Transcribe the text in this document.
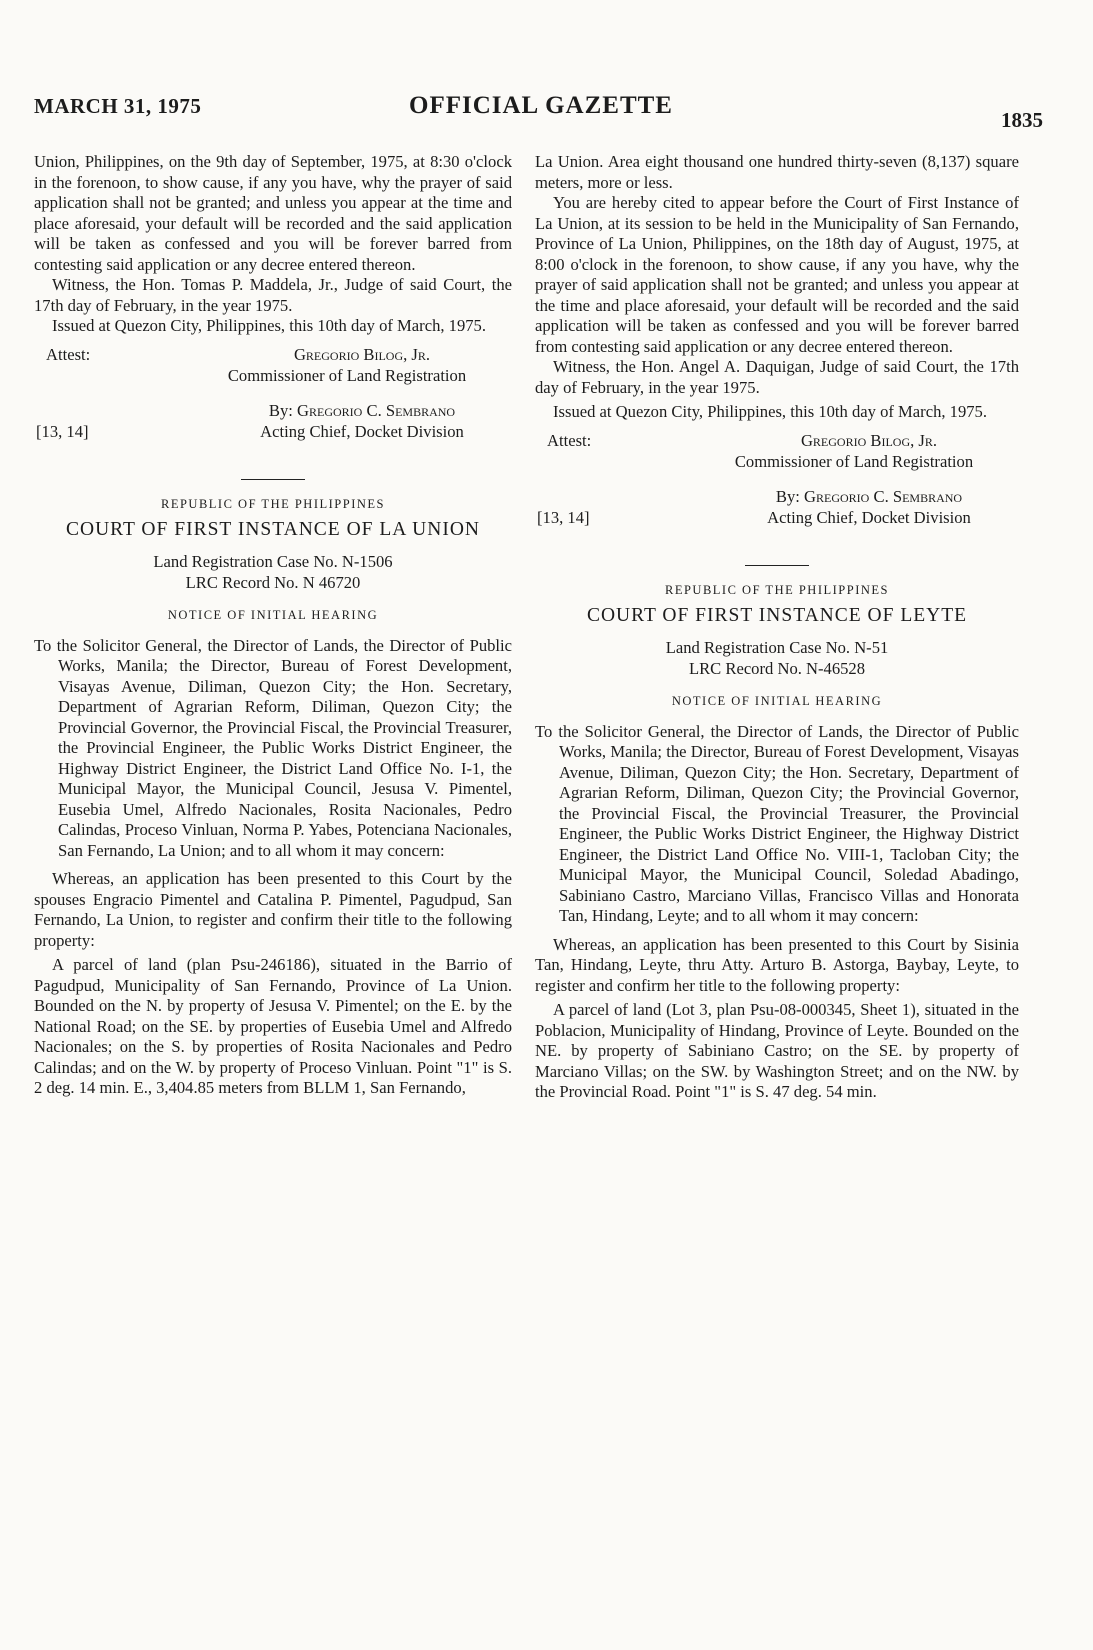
MARCH 31, 1975	OFFICIAL GAZETTE
1835

Union, Philippines, on the 9th day of September, 1975, at 8:30 o'clock in the forenoon, to show cause, if any you have, why the prayer of said application shall not be granted; and unless you appear at the time and place aforesaid, your default will be recorded and the said application will be taken as confessed and you will be forever barred from contesting said application or any decree entered thereon.

Witness, the Hon. Tomas P. Maddela, Jr., Judge of said Court, the 17th day of February, in the year 1975.

Issued at Quezon City, Philippines, this 10th day of March, 1975.

Attest:	Gregorio Bilog, Jr.
Commissioner of Land Registration
By: Gregorio C. Sembrano
Acting Chief, Docket Division
[13, 14]
REPUBLIC OF THE PHILIPPINES
COURT OF FIRST INSTANCE OF LA UNION
Land Registration Case No. N-1506
LRC Record No. N 46720
NOTICE OF INITIAL HEARING

To the Solicitor General, the Director of Lands, the Director of Public Works, Manila; the Director, Bureau of Forest Development, Visayas Avenue, Diliman, Quezon City; the Hon. Secretary, Department of Agrarian Reform, Diliman, Quezon City; the Provincial Governor, the Provincial Fiscal, the Provincial Treasurer, the Provincial Engineer, the Public Works District Engineer, the Highway District Engineer, the District Land Office No. I-1, the Municipal Mayor, the Municipal Council, Jesusa V. Pimentel, Eusebia Umel, Alfredo Nacionales, Rosita Nacionales, Pedro Calindas, Proceso Vinluan, Norma P. Yabes, Potenciana Nacionales, San Fernando, La Union; and to all whom it may concern:

Whereas, an application has been presented to this Court by the spouses Engracio Pimentel and Catalina P. Pimentel, Pagudpud, San Fernando, La Union, to register and confirm their title to the following property:

A parcel of land (plan Psu-246186), situated in the Barrio of Pagudpud, Municipality of San Fernando, Province of La Union. Bounded on the N. by property of Jesusa V. Pimentel; on the E. by the National Road; on the SE. by properties of Eusebia Umel and Alfredo Nacionales; on the S. by properties of Rosita Nacionales and Pedro Calindas; and on the W. by property of Proceso Vinluan. Point "1" is S. 2 deg. 14 min. E., 3,404.85 meters from BLLM 1, San Fernando,

La Union. Area eight thousand one hundred thirty-seven (8,137) square meters, more or less.

You are hereby cited to appear before the Court of First Instance of La Union, at its session to be held in the Municipality of San Fernando, Province of La Union, Philippines, on the 18th day of August, 1975, at 8:00 o'clock in the forenoon, to show cause, if any you have, why the prayer of said application shall not be granted; and unless you appear at the time and place aforesaid, your default will be recorded and the said application will be taken as confessed and you will be forever barred from contesting said application or any decree entered thereon.

Witness, the Hon. Angel A. Daquigan, Judge of said Court, the 17th day of February, in the year 1975.

Issued at Quezon City, Philippines, this 10th day of March, 1975.

Attest:	Gregorio Bilog, Jr.
Commissioner of Land Registration
By: Gregorio C. Sembrano
Acting Chief, Docket Division
[13, 14]
REPUBLIC OF THE PHILIPPINES
COURT OF FIRST INSTANCE OF LEYTE
Land Registration Case No. N-51
LRC Record No. N-46528
NOTICE OF INITIAL HEARING

To the Solicitor General, the Director of Lands, the Director of Public Works, Manila; the Director, Bureau of Forest Development, Visayas Avenue, Diliman, Quezon City; the Hon. Secretary, Department of Agrarian Reform, Diliman, Quezon City; the Provincial Governor, the Provincial Fiscal, the Provincial Treasurer, the Provincial Engineer, the Public Works District Engineer, the Highway District Engineer, the District Land Office No. VIII-1, Tacloban City; the Municipal Mayor, the Municipal Council, Soledad Abadingo, Sabiniano Castro, Marciano Villas, Francisco Villas and Honorata Tan, Hindang, Leyte; and to all whom it may concern:

Whereas, an application has been presented to this Court by Sisinia Tan, Hindang, Leyte, thru Atty. Arturo B. Astorga, Baybay, Leyte, to register and confirm her title to the following property:

A parcel of land (Lot 3, plan Psu-08-000345, Sheet 1), situated in the Poblacion, Municipality of Hindang, Province of Leyte. Bounded on the NE. by property of Sabiniano Castro; on the SE. by property of Marciano Villas; on the SW. by Washington Street; and on the NW. by the Provincial Road. Point "1" is S. 47 deg. 54 min.
